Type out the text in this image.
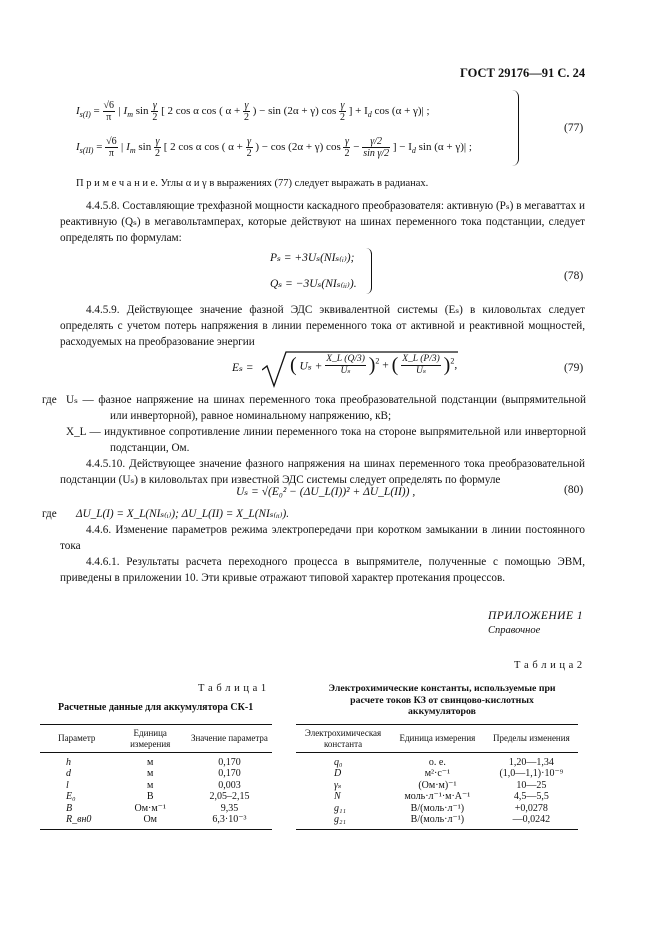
ГОСТ 29176—91 С. 24
$I_{s(I)} = \frac{√6}{\pi}$ | $I_m$ $\sin \frac{\gamma}{2}$ [ 2 cos α cos ( $\alpha + \frac{\gamma}{2}$ ) − sin (2α + γ) $\cos \frac{\gamma}{2}$ ] + $I_d$ cos (α + γ)| ;
$I_{s(II)} = \frac{√6}{\pi}$ | $I_m$ $\sin \frac{\gamma}{2}$ [ 2 cos α cos ( $\alpha + \frac{\gamma}{2}$ ) − cos (2α + γ) $\cos \frac{\gamma}{2} - \frac{\gamma/2}{\text{sin γ/2}}$ ] − $I_d$ sin (α + γ)| ;
(77)
П р и м е ч а н и е. Углы α и γ в выражениях (77) следует выражать в радианах.
4.4.5.8. Составляющие трехфазной мощности каскадного преобразователя: активную (Pₛ) в мегаваттах и реактивную (Qₛ) в мегавольтамперах, которые действуют на шинах переменного тока подстанции, следует определять по формулам:
Pₛ = +3Uₛ(NIₛ₍ᵢ₎);
Qₛ = −3Uₛ(NIₛ₍ᵢᵢ₎).
(78)
4.4.5.9. Действующее значение фазной ЭДС эквивалентной системы (Eₛ) в киловольтах следует определять с учетом потерь напряжения в линии переменного тока от активной и реактивной мощностей, расходуемых на преобразование энергии
Eₛ = ( $U_s + \frac{X\_L (Q/3)}{\text{Uₛ}} )^2$ + ( $\frac{X\_L (P/3)}{\text{Uₛ}} )^2$,	(79)
где Uₛ — фазное напряжение на шинах переменного тока преобразовательной подстанции (выпрямительной или инверторной), равное номинальному напряжению, кВ;
X_L — индуктивное сопротивление линии переменного тока на стороне выпрямительной или инверторной подстанции, Ом.
4.4.5.10. Действующее значение фазного напряжения на шинах переменного тока преобразовательной подстанции (Uₛ) в киловольтах при известной ЭДС системы следует определять по формуле
Uₛ = √(E₀² − (ΔU_L(I))² + ΔU_L(II)) ,	(80)
где ΔU_L(I) = X_L(NIₛ₍ᵢ₎); ΔU_L(II) = X_L(NIₛ₍ᵢᵢ₎).
4.4.6. Изменение параметров режима электропередачи при коротком замыкании в линии постоянного тока
4.4.6.1. Результаты расчета переходного процесса в выпрямителе, полученные с помощью ЭВМ, приведены в приложении 10. Эти кривые отражают типовой характер протекания процессов.
ПРИЛОЖЕНИЕ 1
Справочное
Т а б л и ц а 1
Расчетные данные для аккумулятора СК-1
Параметр	Единица измерения	Значение параметра

h	м	0,170
d	м	0,170
l	м	0,003
E₀	В	2,05–2,15
B	Ом·м⁻¹	9,35
R_вн0	Ом	6,3·10⁻³
Т а б л и ц а 2
Электрохимические константы, используемые при расчете токов КЗ от свинцово-кислотных аккумуляторов
Электрохимическая константа	Единица измерения	Пределы изменения

q₀	о. е.	1,20—1,34
D	м²·с⁻¹	(1,0—1,1)·10⁻⁹
γₛ	(Ом·м)⁻¹	10—25
N	моль·л⁻¹·м·А⁻¹	4,5—5,5
g₁₁	В/(моль·л⁻¹)	+0,0278
g₂₁	В/(моль·л⁻¹)	—0,0242
